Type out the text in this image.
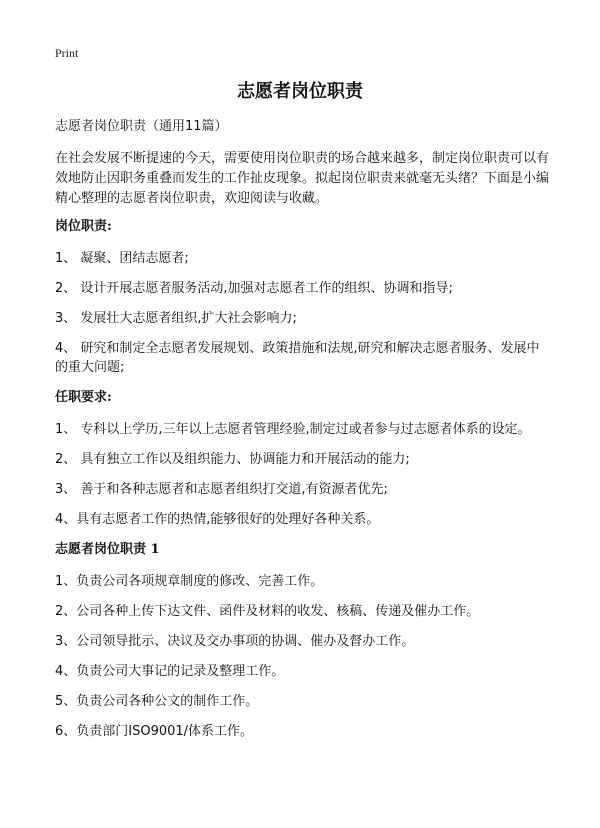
Print
志愿者岗位职责

志愿者岗位职责（通用11篇）

在社会发展不断提速的今天，需要使用岗位职责的场合越来越多，制定岗位职责可以有效地防止因职务重叠而发生的工作扯皮现象。拟起岗位职责来就毫无头绪？下面是小编精心整理的志愿者岗位职责，欢迎阅读与收藏。

岗位职责:

1、 凝聚、团结志愿者;

2、 设计开展志愿者服务活动,加强对志愿者工作的组织、协调和指导;

3、 发展壮大志愿者组织,扩大社会影响力;

4、 研究和制定全志愿者发展规划、政策措施和法规,研究和解决志愿者服务、发展中的重大问题;

任职要求:

1、 专科以上学历,三年以上志愿者管理经验,制定过或者参与过志愿者体系的设定。

2、 具有独立工作以及组织能力、协调能力和开展活动的能力;

3、 善于和各种志愿者和志愿者组织打交道,有资源者优先;

4、具有志愿者工作的热情,能够很好的处理好各种关系。

志愿者岗位职责 1

1、负责公司各项规章制度的修改、完善工作。

2、公司各种上传下达文件、函件及材料的收发、核稿、传递及催办工作。

3、公司领导批示、决议及交办事项的协调、催办及督办工作。

4、负责公司大事记的记录及整理工作。

5、负责公司各种公文的制作工作。

6、负责部门ISO9001/体系工作。
